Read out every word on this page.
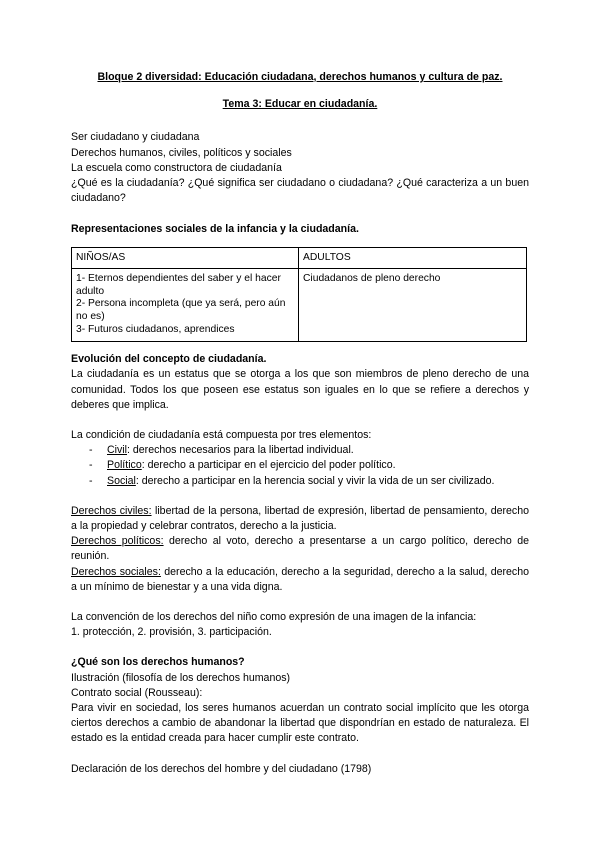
Bloque 2 diversidad: Educación ciudadana, derechos humanos y cultura de paz.

Tema 3: Educar en ciudadanía.

Ser ciudadano y ciudadana

Derechos humanos, civiles, políticos y sociales

La escuela como constructora de ciudadanía

¿Qué es la ciudadanía? ¿Qué significa ser ciudadano o ciudadana? ¿Qué caracteriza a un buen ciudadano?

Representaciones sociales de la infancia y la ciudadanía.

NIÑOS/AS	ADULTOS

1- Eternos dependientes del saber y el hacer adulto
2- Persona incompleta (que ya será, pero aún no es)
3- Futuros ciudadanos, aprendices	Ciudadanos de pleno derecho

Evolución del concepto de ciudadanía.

La ciudadanía es un estatus que se otorga a los que son miembros de pleno derecho de una comunidad. Todos los que poseen ese estatus son iguales en lo que se refiere a derechos y deberes que implica.

La condición de ciudadanía está compuesta por tres elementos:

- Civil: derechos necesarios para la libertad individual.
- Político: derecho a participar en el ejercicio del poder político.
- Social: derecho a participar en la herencia social y vivir la vida de un ser civilizado.

Derechos civiles: libertad de la persona, libertad de expresión, libertad de pensamiento, derecho a la propiedad y celebrar contratos, derecho a la justicia.

Derechos políticos: derecho al voto, derecho a presentarse a un cargo político, derecho de reunión.

Derechos sociales: derecho a la educación, derecho a la seguridad, derecho a la salud, derecho a un mínimo de bienestar y a una vida digna.

La convención de los derechos del niño como expresión de una imagen de la infancia:

1. protección, 2. provisión, 3. participación.

¿Qué son los derechos humanos?

Ilustración (filosofía de los derechos humanos)

Contrato social (Rousseau):

Para vivir en sociedad, los seres humanos acuerdan un contrato social implícito que les otorga ciertos derechos a cambio de abandonar la libertad que dispondrían en estado de naturaleza. El estado es la entidad creada para hacer cumplir este contrato.

Declaración de los derechos del hombre y del ciudadano (1798)
